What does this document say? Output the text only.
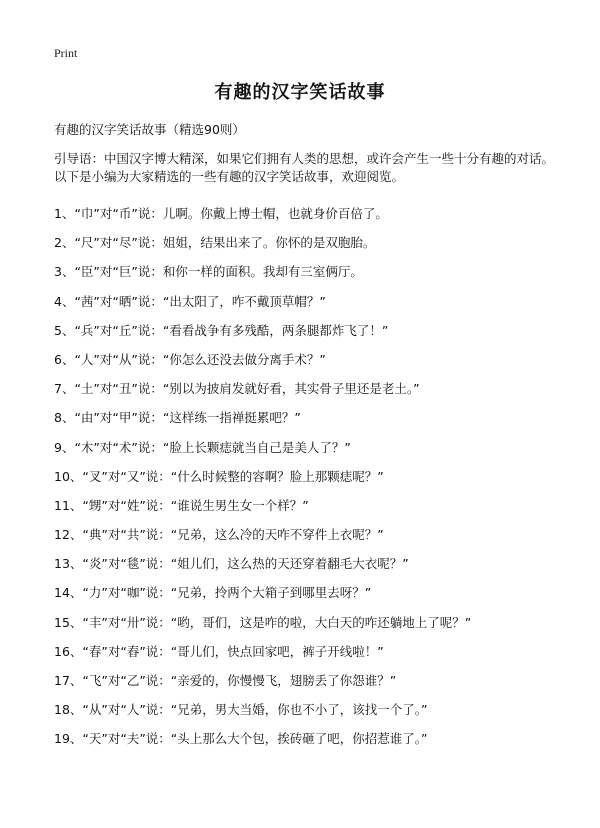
Print
有趣的汉字笑话故事
有趣的汉字笑话故事（精选90则）
引导语：中国汉字博大精深，如果它们拥有人类的思想，或许会产生一些十分有趣的对话。以下是小编为大家精选的一些有趣的汉字笑话故事，欢迎阅览。
1、“巾”对“币”说：儿啊。你戴上博士帽，也就身价百倍了。
2、“尺”对“尽”说：姐姐，结果出来了。你怀的是双胞胎。
3、“臣”对“巨”说：和你一样的面积。我却有三室俩厅。
4、“茜”对“晒”说：“出太阳了，咋不戴顶草帽？”
5、“兵”对“丘”说：“看看战争有多残酷，两条腿都炸飞了！”
6、“人”对“从”说：“你怎么还没去做分离手术？”
7、“土”对“丑”说：“别以为披肩发就好看，其实骨子里还是老土。”
8、“由”对“甲”说：“这样练一指禅挺累吧？”
9、“木”对“术”说：“脸上长颗痣就当自己是美人了？”
10、“叉”对“又”说：“什么时候整的容啊？脸上那颗痣呢？”
11、“甥”对“姓”说：“谁说生男生女一个样？”
12、“典”对“共”说：“兄弟，这么冷的天咋不穿件上衣呢？”
13、“炎”对“毯”说：“姐儿们，这么热的天还穿着翻毛大衣呢？”
14、“力”对“咖”说：“兄弟，拎两个大箱子到哪里去呀？”
15、“丰”对“卅”说：“哟，哥们，这是咋的啦，大白天的咋还躺地上了呢？”
16、“春”对“舂”说：“哥儿们，快点回家吧，裤子开线啦！”
17、“飞”对“乙”说：“亲爱的，你慢慢飞，翅膀丢了你怨谁？”
18、“从”对“人”说：“兄弟，男大当婚，你也不小了，该找一个了。”
19、“天”对“夫”说：“头上那么大个包，挨砖砸了吧，你招惹谁了。”
